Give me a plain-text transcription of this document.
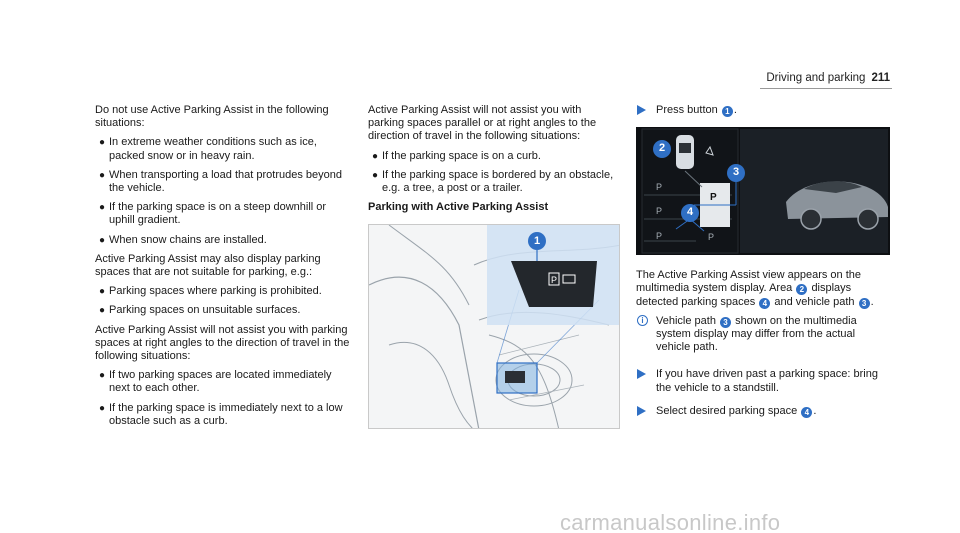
Driving and parking 211

Do not use Active Parking Assist in the following situations:

● In extreme weather conditions such as ice, packed snow or in heavy rain.
● When transporting a load that protrudes beyond the vehicle.
● If the parking space is on a steep downhill or uphill gradient.
● When snow chains are installed.

Active Parking Assist may also display parking spaces that are not suitable for parking, e.g.:

● Parking spaces where parking is prohibited.
● Parking spaces on unsuitable surfaces.

Active Parking Assist will not assist you with parking spaces at right angles to the direction of travel in the following situations:

● If two parking spaces are located immediately next to each other.
● If the parking space is immediately next to a low obstacle such as a curb.

Active Parking Assist will not assist you with parking spaces parallel or at right angles to the direction of travel in the following situations:

● If the parking space is on a curb.
● If the parking space is bordered by an obstacle, e.g. a tree, a post or a trailer.
Parking with Active Parking Assist
P
1
Press button 1 .
2
3
4
P
P
P
P
P

The Active Parking Assist view appears on the multimedia system display. Area 2 displays detected parking spaces 4 and vehicle path 3 .

i	Vehicle path 3 shown on the multimedia system display may differ from the actual vehicle path.
If you have driven past a parking space: bring the vehicle to a standstill.
Select desired parking space 4 .
carmanualsonline.info
